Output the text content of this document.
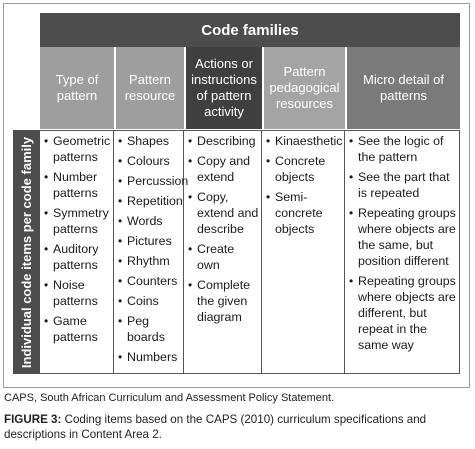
Code families
Type of pattern
Pattern resource
Actions or instructions of pattern activity
Pattern pedagogical resources
Micro detail of patterns
Individual code items per code family • Geometric patterns
• Number patterns
• Symmetry patterns
• Auditory patterns
• Noise patterns
• Game patterns
• Shapes
• Colours
• Percussion
• Repetition
• Words
• Pictures
• Rhythm
• Counters
• Coins
• Peg boards
• Numbers
• Describing
• Copy and extend
• Copy, extend and describe
• Create own
• Complete the given diagram
• Kinaesthetic
• Concrete objects
• Semi-concrete objects
• See the logic of the pattern
• See the part that is repeated
• Repeating groups where objects are the same, but position different
• Repeating groups where objects are different, but repeat in the same way
CAPS, South African Curriculum and Assessment Policy Statement.
FIGURE 3: Coding items based on the CAPS (2010) curriculum specifications and descriptions in Content Area 2.
